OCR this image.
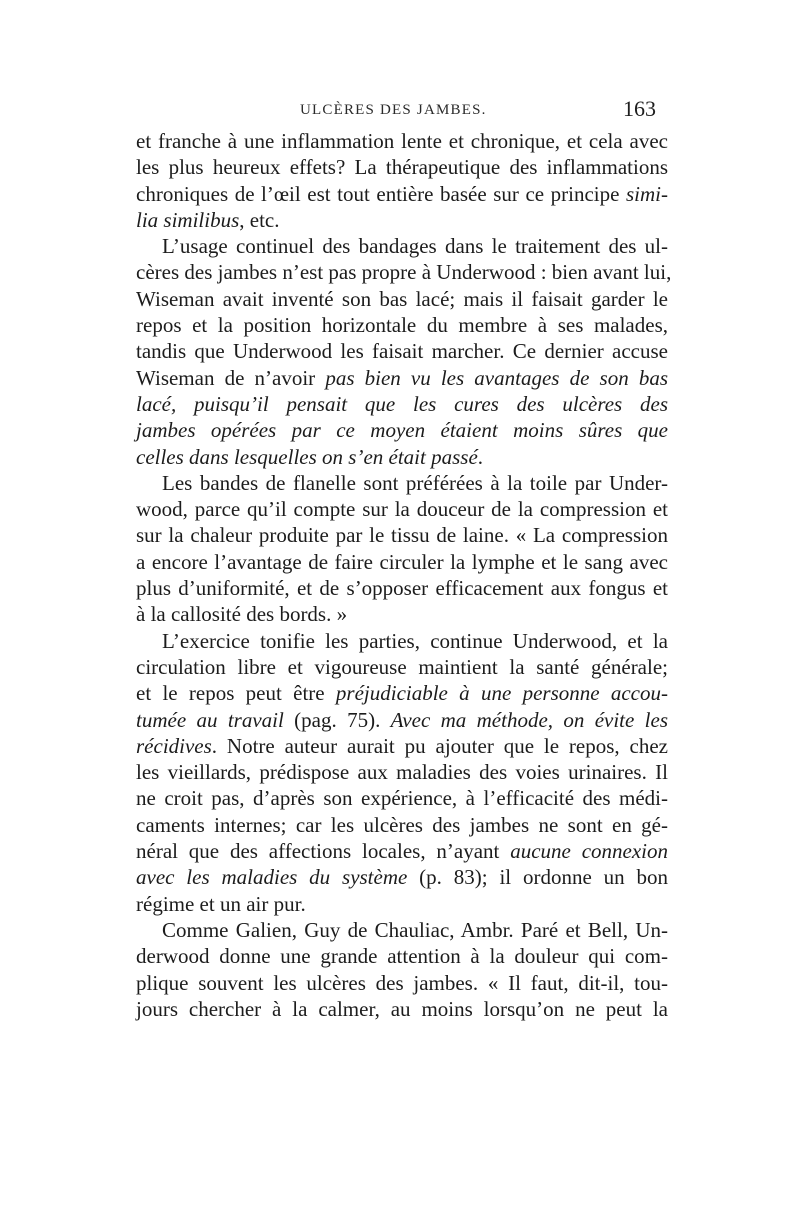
ULCÈRES DES JAMBES.	163

et franche à une inflammation lente et chronique, et cela avec
les plus heureux effets? La thérapeutique des inflammations
chroniques de l’œil est tout entière basée sur ce principe simi-
lia similibus, etc.

L’usage continuel des bandages dans le traitement des ul-
cères des jambes n’est pas propre à Underwood : bien avant lui,
Wiseman avait inventé son bas lacé; mais il faisait garder le
repos et la position horizontale du membre à ses malades,
tandis que Underwood les faisait marcher. Ce dernier accuse
Wiseman de n’avoir pas bien vu les avantages de son bas
lacé, puisqu’il pensait que les cures des ulcères des
jambes opérées par ce moyen étaient moins sûres que
celles dans lesquelles on s’en était passé.

Les bandes de flanelle sont préférées à la toile par Under-
wood, parce qu’il compte sur la douceur de la compression et
sur la chaleur produite par le tissu de laine. « La compression
a encore l’avantage de faire circuler la lymphe et le sang avec
plus d’uniformité, et de s’opposer efficacement aux fongus et
à la callosité des bords. »

L’exercice tonifie les parties, continue Underwood, et la
circulation libre et vigoureuse maintient la santé générale;
et le repos peut être préjudiciable à une personne accou-
tumée au travail (pag. 75). Avec ma méthode, on évite les
récidives. Notre auteur aurait pu ajouter que le repos, chez
les vieillards, prédispose aux maladies des voies urinaires. Il
ne croit pas, d’après son expérience, à l’efficacité des médi-
caments internes; car les ulcères des jambes ne sont en gé-
néral que des affections locales, n’ayant aucune connexion
avec les maladies du système (p. 83); il ordonne un bon
régime et un air pur.

Comme Galien, Guy de Chauliac, Ambr. Paré et Bell, Un-
derwood donne une grande attention à la douleur qui com-
plique souvent les ulcères des jambes. « Il faut, dit-il, tou-
jours chercher à la calmer, au moins lorsqu’on ne peut la
